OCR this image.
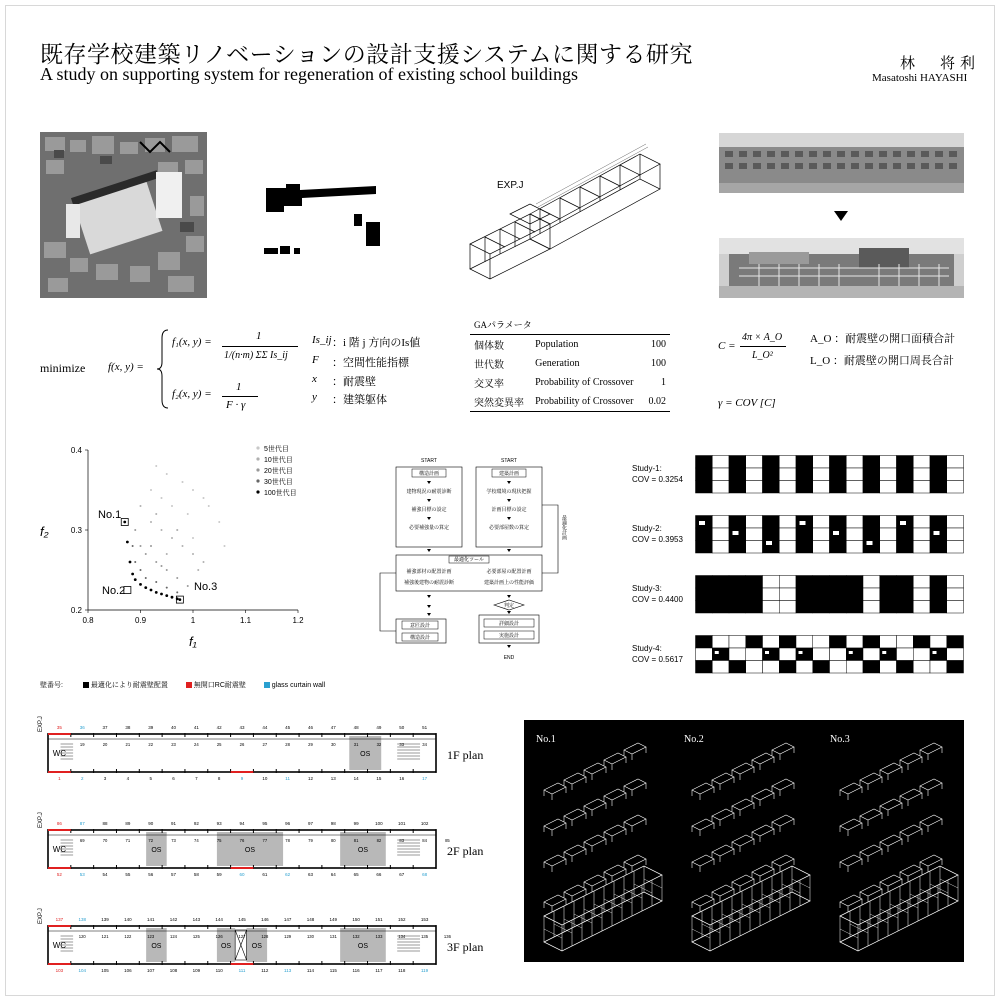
既存学校建築リノベーションの設計支援システムに関する研究
A study on supporting system for regeneration of existing school buildings	林　将利
Masatoshi HAYASHI
EXP.J
minimize f(x, y) =
f₁(x, y) =	1
1/(n·m) ΣΣ Is_ij
f₂(x, y) =
1
F · γ
Is_ij ：i 階 j 方向のIs値
F ：空間性能指標
x ：耐震壁
y ：建築躯体
GAパラメータ
個体数	Population	100
世代数	Generation	100
交叉率	Probability of Crossover	1
突然変異率	Probability of Crossover	0.02
C =
4π × A_O
L_O²
A_O ：耐震壁の開口面積合計
L_O ：耐震壁の開口周長合計
γ = COV [C]
0.8	0.9	1	1.1	1.2
0.2
0.3
0.4
f₁
f₂
5世代目
10世代目
20世代目
30世代目
100世代目
No.1
No.2	No.3
START	START
構造計画
建物現況の耐震診断
補強目標の設定
必要補強量の算定
建築計画
学校環境の現状把握
計画目標の設定
必要部屋数の算定
最適化ツール
補強部材の配置計画
補強後建物の耐震診断
必要部屋の配置計画
建築計画上の性能評価
意匠設計
構造設計
判定
詳細設計
実施設計
END
最適化計画
Study-1:
COV = 0.3254
Study-2:
COV = 0.3953
Study-3:
COV = 0.4400
Study-4:
COV = 0.5617
壁番号:	最適化により耐震壁配置	無開口RC耐震壁	glass curtain wall
EXP.J
OS
WC
35	36	37	38	39	40	41	42	43	44	45	46	47	48	49	50	51
1	2	3	4	5	6	7	8	9	10	11	12	13	14	15	16	17
19	20	21	22	23	24	25	26	27	28	29	30	31	32	33	34
1F plan
EXP.J
OS	OS	OS
WC
86	87	88	89	90	91	92	93	94	95	96	97	98	99	100	101	102
52	53	54	55	56	57	58	59	60	61	62	63	64	65	66	67	68
69	70	71	72	73	74	75	76	77	78	79	80	81	82	83	84	85
2F plan
EXP.J
OS	OS	OS	OS
WC
137	138	139	140	141	142	143	144	145	146	147	148	149	150	151	152	153
103	104	105	106	107	108	109	110	111	112	113	114	115	116	117	118	119
120	121	122	123	124	125	126	127	128	129	130	131	132	133	134	135	136
3F plan
No.1	No.2	No.3
